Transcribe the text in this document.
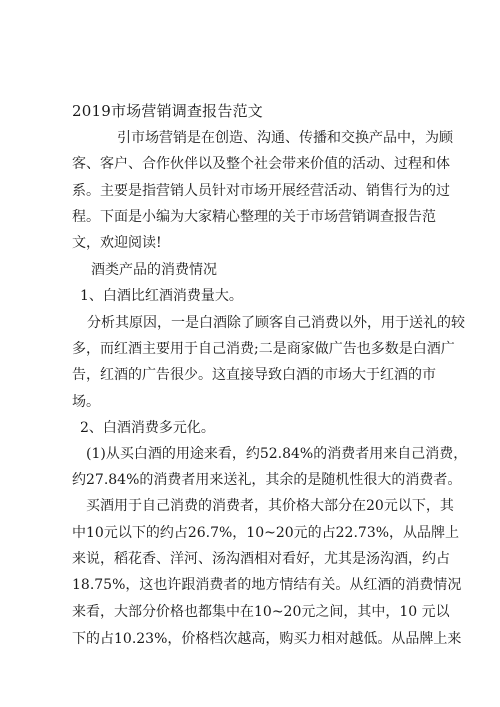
2019市场营销调查报告范文
引市场营销是在创造、沟通、传播和交换产品中，为顾
客、客户、合作伙伴以及整个社会带来价值的活动、过程和体
系。主要是指营销人员针对市场开展经营活动、销售行为的过
程。下面是小编为大家精心整理的关于市场营销调查报告范
文，欢迎阅读!
酒类产品的消费情况
1、白酒比红酒消费量大。
分析其原因，一是白酒除了顾客自己消费以外，用于送礼的较
多，而红酒主要用于自己消费;二是商家做广告也多数是白酒广
告，红酒的广告很少。这直接导致白酒的市场大于红酒的市
场。
2、白酒消费多元化。
(1)从买白酒的用途来看，约52.84%的消费者用来自己消费，
约27.84%的消费者用来送礼，其余的是随机性很大的消费者。
买酒用于自己消费的消费者，其价格大部分在20元以下，其
中10元以下的约占26.7%，10~20元的占22.73%，从品牌上
来说，稻花香、洋河、汤沟酒相对看好，尤其是汤沟酒，约占
18.75%，这也许跟消费者的地方情结有关。从红酒的消费情况
来看，大部分价格也都集中在10~20元之间，其中，10 元以
下的占10.23%，价格档次越高，购买力相对越低。从品牌上来
